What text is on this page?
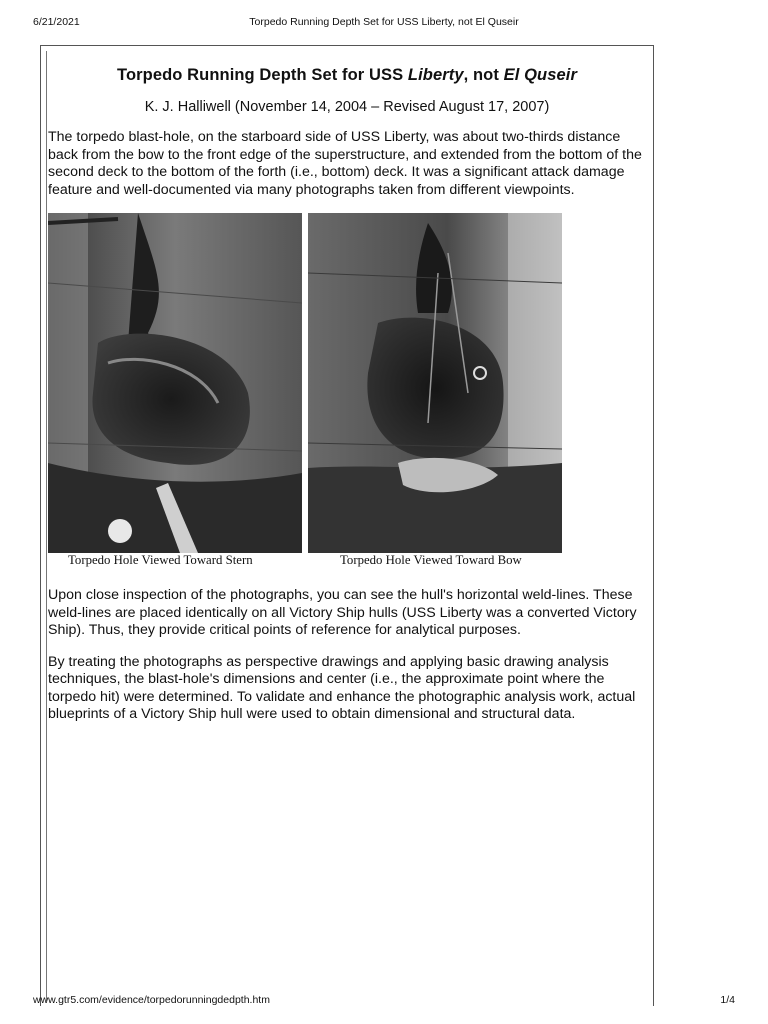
6/21/2021	Torpedo Running Depth Set for USS Liberty, not El Quseir
Torpedo Running Depth Set for USS Liberty, not El Quseir
K. J. Halliwell (November 14, 2004 – Revised August 17, 2007)

The torpedo blast-hole, on the starboard side of USS Liberty, was about two-thirds distance back from the bow to the front edge of the superstructure, and extended from the bottom of the second deck to the bottom of the forth (i.e., bottom) deck. It was a significant attack damage feature and well-documented via many photographs taken from different viewpoints.

Torpedo Hole Viewed Toward Stern	Torpedo Hole Viewed Toward Bow

Upon close inspection of the photographs, you can see the hull's horizontal weld-lines. These weld-lines are placed identically on all Victory Ship hulls (USS Liberty was a converted Victory Ship). Thus, they provide critical points of reference for analytical purposes.

By treating the photographs as perspective drawings and applying basic drawing analysis techniques, the blast-hole's dimensions and center (i.e., the approximate point where the torpedo hit) were determined. To validate and enhance the photographic analysis work, actual blueprints of a Victory Ship hull were used to obtain dimensional and structural data.

www.gtr5.com/evidence/torpedorunningdedpth.htm	1/4
